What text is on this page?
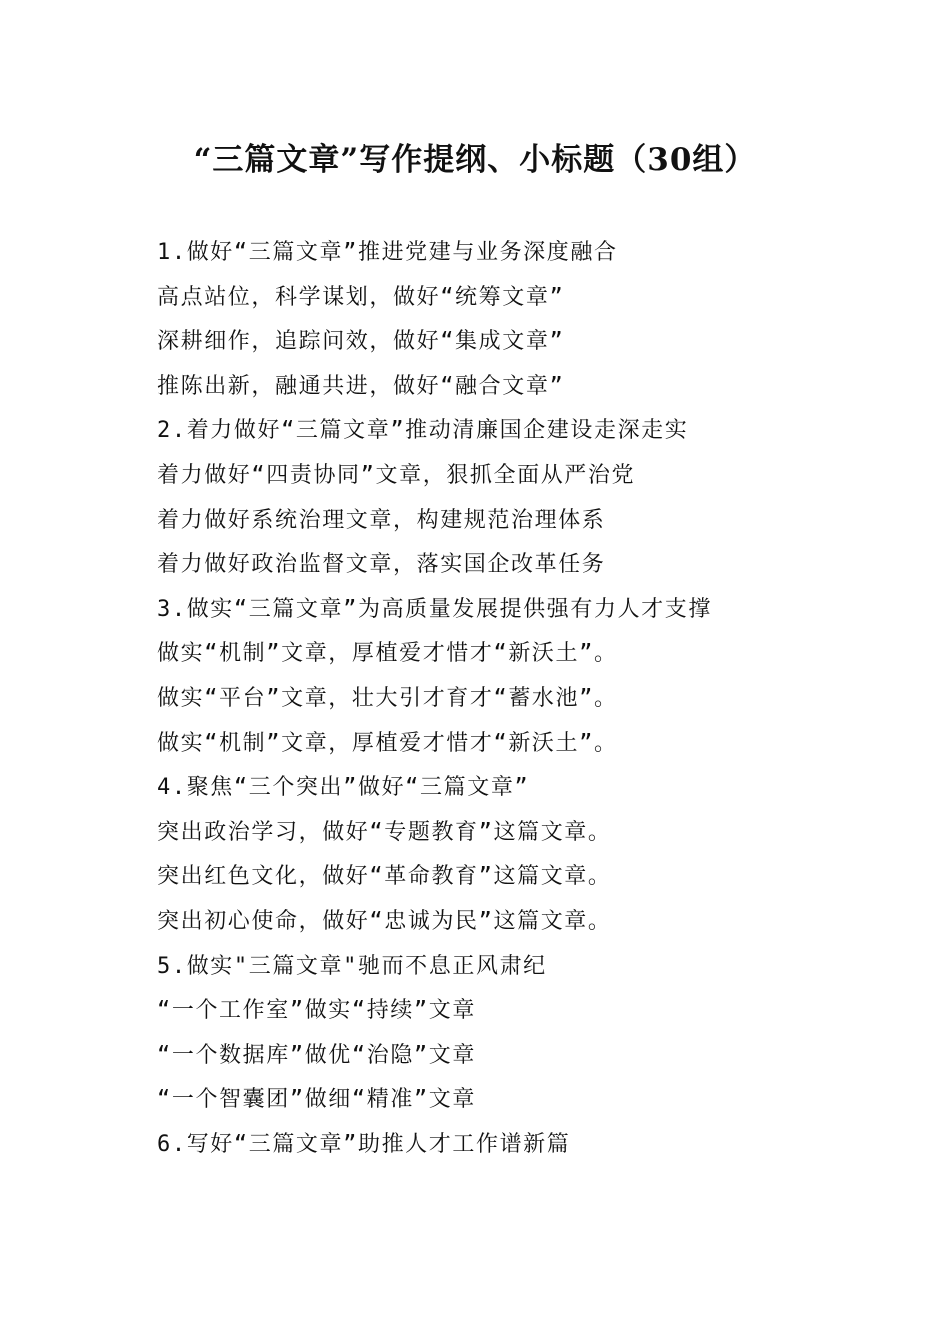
“三篇文章”写作提纲、小标题（30组）
1.做好“三篇文章”推进党建与业务深度融合
高点站位，科学谋划，做好“统筹文章”
深耕细作，追踪问效，做好“集成文章”
推陈出新，融通共进，做好“融合文章”
2.着力做好“三篇文章”推动清廉国企建设走深走实
着力做好“四责协同”文章，狠抓全面从严治党
着力做好系统治理文章，构建规范治理体系
着力做好政治监督文章，落实国企改革任务
3.做实“三篇文章”为高质量发展提供强有力人才支撑
做实“机制”文章，厚植爱才惜才“新沃土”。
做实“平台”文章，壮大引才育才“蓄水池”。
做实“机制”文章，厚植爱才惜才“新沃土”。
4.聚焦“三个突出”做好“三篇文章”
突出政治学习，做好“专题教育”这篇文章。
突出红色文化，做好“革命教育”这篇文章。
突出初心使命，做好“忠诚为民”这篇文章。
5.做实"三篇文章"驰而不息正风肃纪
“一个工作室”做实“持续”文章
“一个数据库”做优“治隐”文章
“一个智囊团”做细“精准”文章
6.写好“三篇文章”助推人才工作谱新篇
